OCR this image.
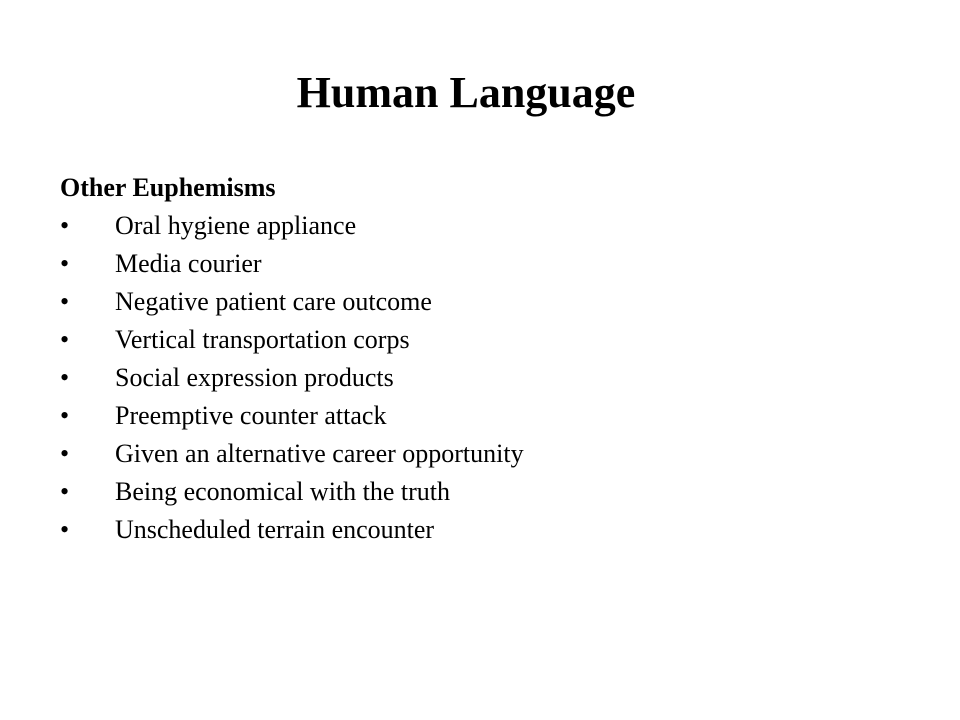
Human Language

Other Euphemisms

•	Oral hygiene appliance
•	Media courier
•	Negative patient care outcome
•	Vertical transportation corps
•	Social expression products
•	Preemptive counter attack
•	Given an alternative career opportunity
•	Being economical with the truth
•	Unscheduled terrain encounter
